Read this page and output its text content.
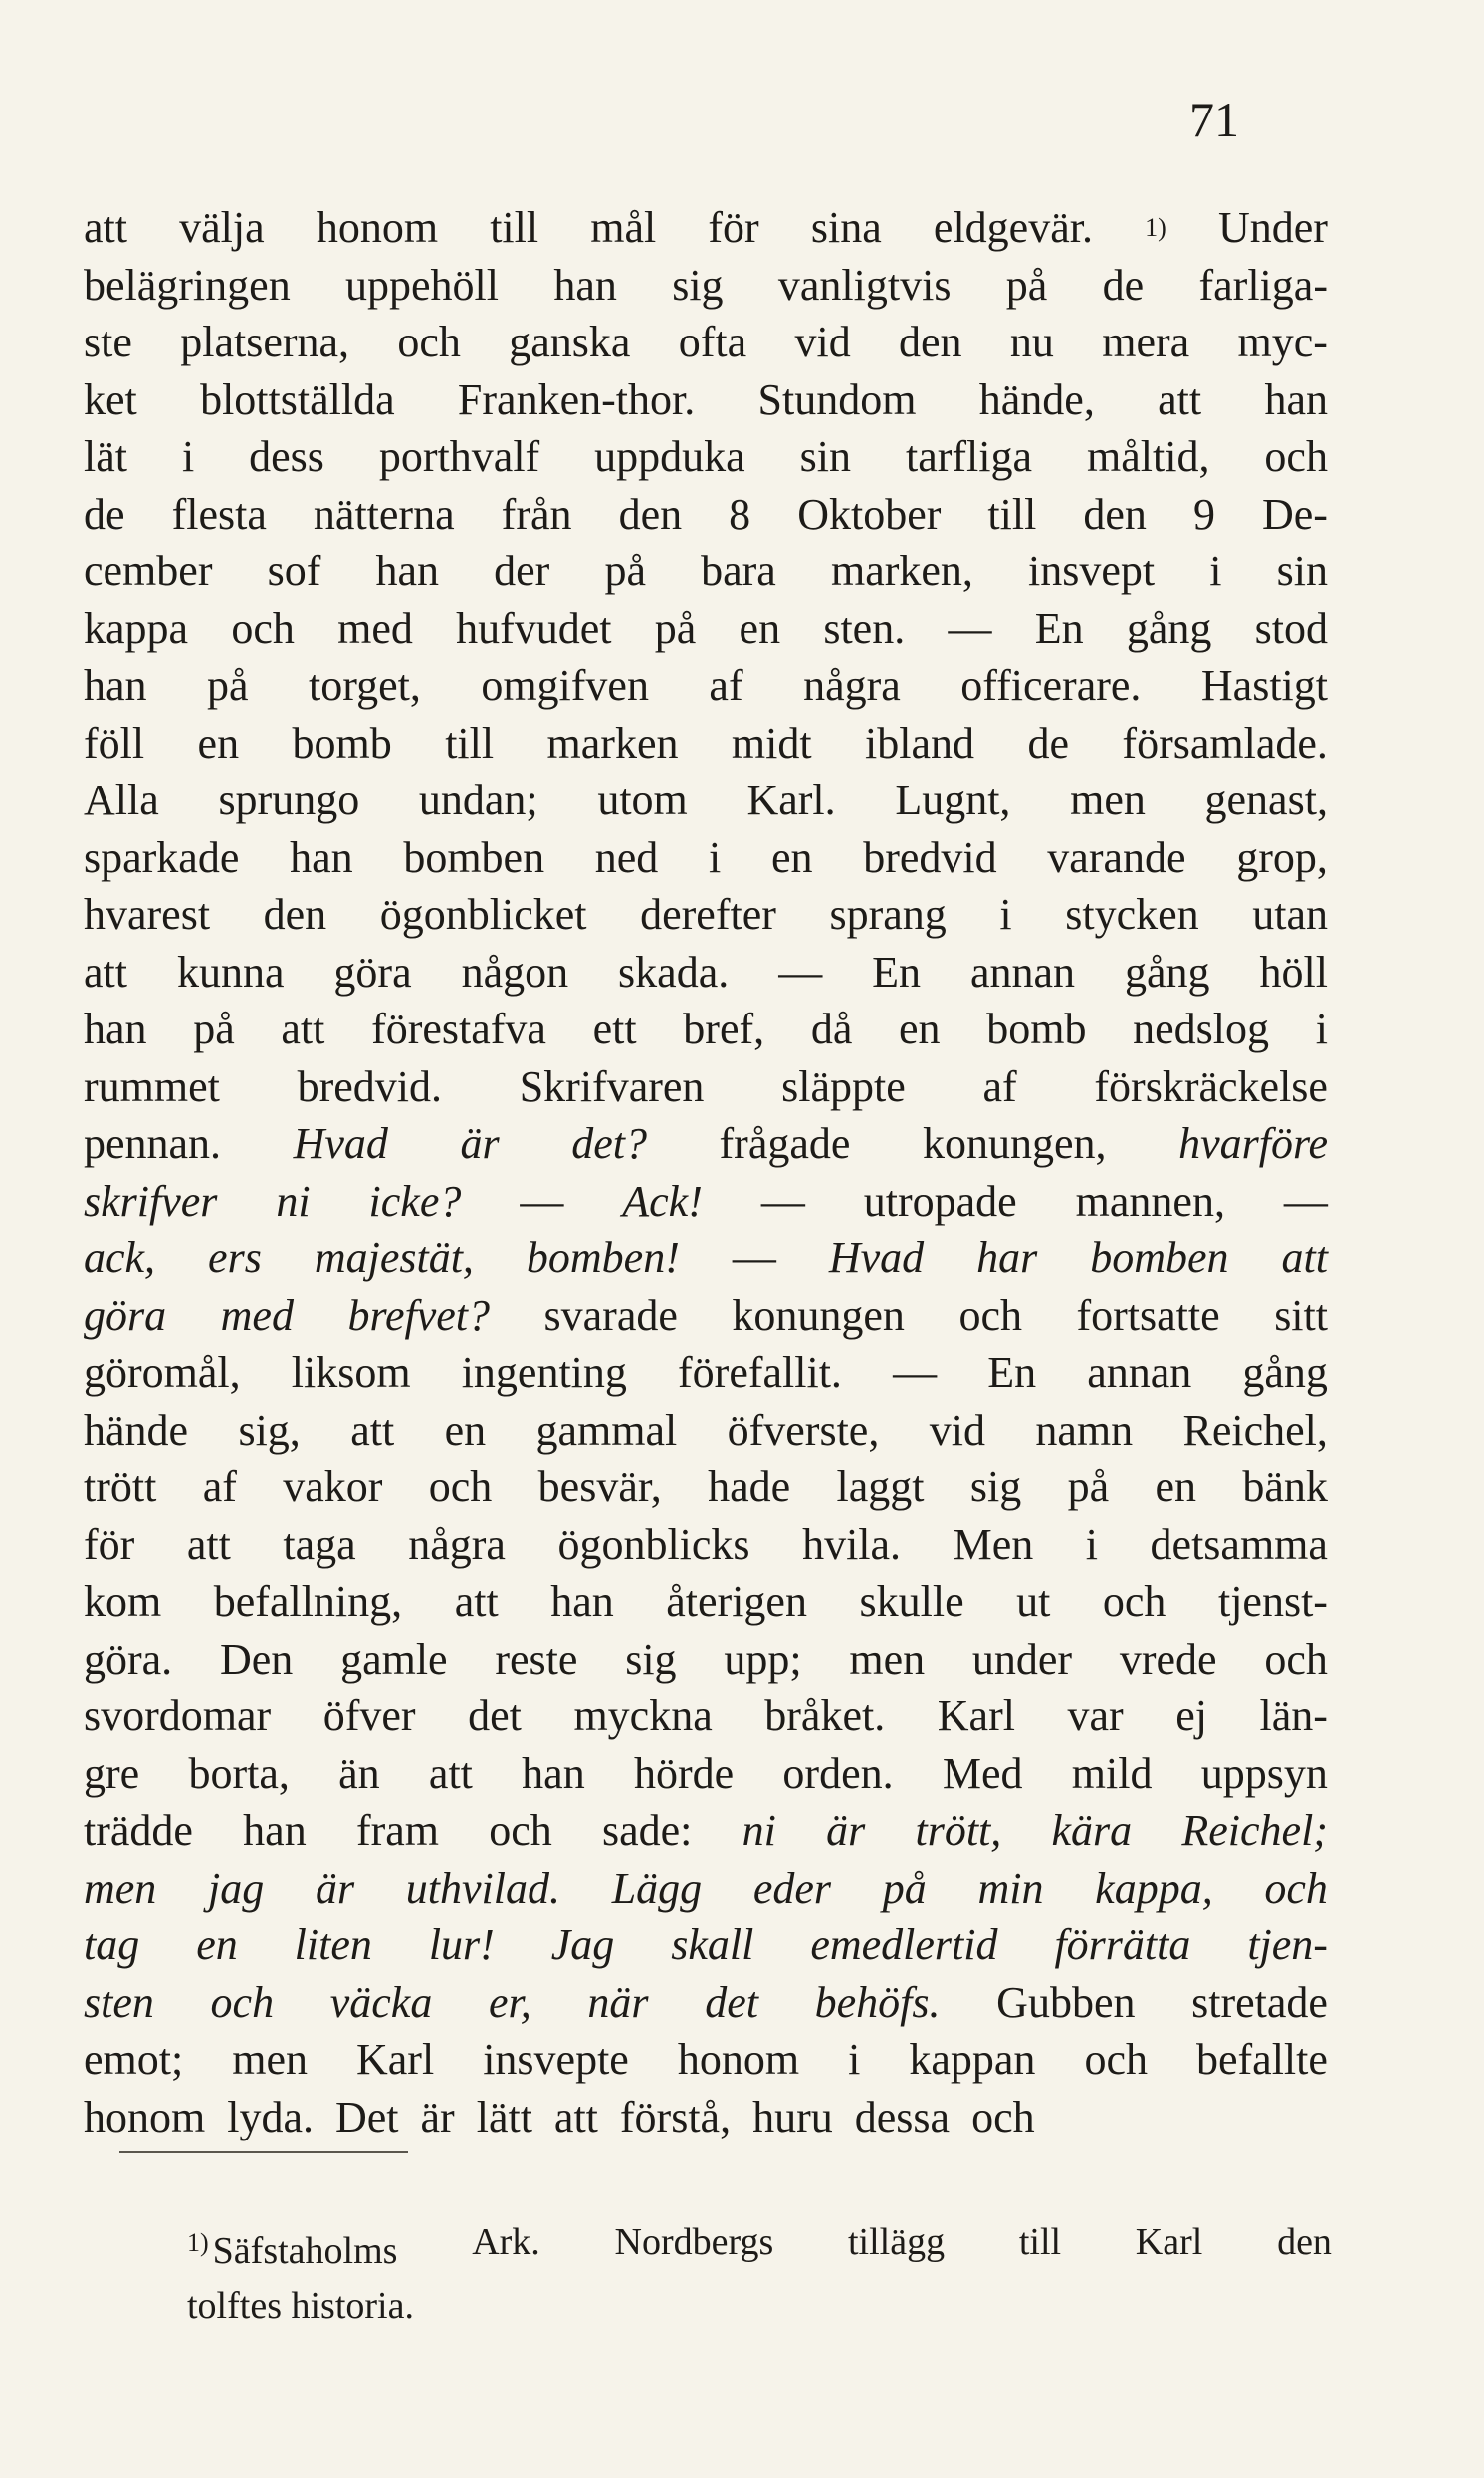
71
att välja honom till mål för sina eldgevär. 1) Under
belägringen uppehöll han sig vanligtvis på de farliga-
ste platserna, och ganska ofta vid den nu mera myc-
ket blottställda Franken-thor. Stundom hände, att han
lät i dess porthvalf uppduka sin tarfliga måltid, och
de flesta nätterna från den 8 Oktober till den 9 De-
cember sof han der på bara marken, insvept i sin
kappa och med hufvudet på en sten. — En gång stod
han på torget, omgifven af några officerare. Hastigt
föll en bomb till marken midt ibland de församlade.
Alla sprungo undan; utom Karl. Lugnt, men genast,
sparkade han bomben ned i en bredvid varande grop,
hvarest den ögonblicket derefter sprang i stycken utan
att kunna göra någon skada. — En annan gång höll
han på att förestafva ett bref, då en bomb nedslog i
rummet bredvid. Skrifvaren släppte af förskräckelse
pennan. Hvad är det? frågade konungen, hvarföre
skrifver ni icke? — Ack! — utropade mannen, —
ack, ers majestät, bomben! — Hvad har bomben att
göra med brefvet? svarade konungen och fortsatte sitt
göromål, liksom ingenting förefallit. — En annan gång
hände sig, att en gammal öfverste, vid namn Reichel,
trött af vakor och besvär, hade laggt sig på en bänk
för att taga några ögonblicks hvila. Men i detsamma
kom befallning, att han återigen skulle ut och tjenst-
göra. Den gamle reste sig upp; men under vrede och
svordomar öfver det myckna bråket. Karl var ej län-
gre borta, än att han hörde orden. Med mild uppsyn
trädde han fram och sade: ni är trött, kära Reichel;
men jag är uthvilad. Lägg eder på min kappa, och
tag en liten lur! Jag skall emedlertid förrätta tjen-
sten och väcka er, när det behöfs. Gubben stretade
emot; men Karl insvepte honom i kappan och befallte
honom lyda. Det är lätt att förstå, huru dessa och
$^{1)}$ Säfstaholms Ark. Nordbergs tillägg till Karl den
tolftes historia.
